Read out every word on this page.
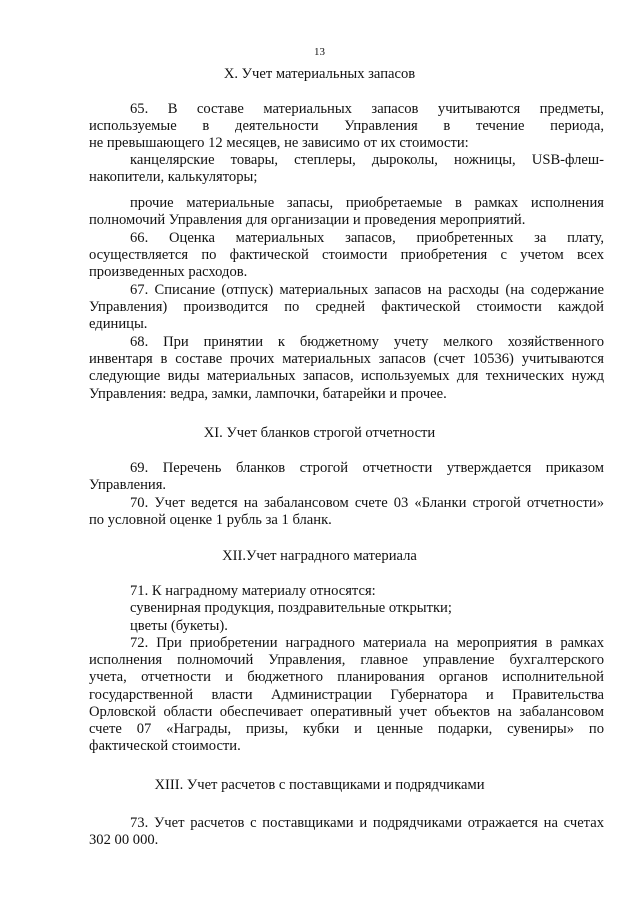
13
X. Учет материальных запасов
65. В составе материальных запасов учитываются предметы,
используемые в деятельности Управления в течение периода,
не превышающего 12 месяцев, не зависимо от их стоимости:
канцелярские товары, степлеры, дыроколы, ножницы, USB-флеш-
накопители, калькуляторы;
прочие материальные запасы, приобретаемые в рамках исполнения
полномочий Управления для организации и проведения мероприятий.
66. Оценка материальных запасов, приобретенных за плату,
осуществляется по фактической стоимости приобретения с учетом всех
произведенных расходов.
67. Списание (отпуск) материальных запасов на расходы (на содержание
Управления) производится по средней фактической стоимости каждой
единицы.
68. При принятии к бюджетному учету мелкого хозяйственного
инвентаря в составе прочих материальных запасов (счет 10536) учитываются
следующие виды материальных запасов, используемых для технических нужд
Управления: ведра, замки, лампочки, батарейки и прочее.
XI. Учет бланков строгой отчетности
69. Перечень бланков строгой отчетности утверждается приказом
Управления.
70. Учет ведется на забалансовом счете 03 «Бланки строгой отчетности»
по условной оценке 1 рубль за 1 бланк.
XII.Учет наградного материала
71. К наградному материалу относятся:
сувенирная продукция, поздравительные открытки;
цветы (букеты).
72. При приобретении наградного материала на мероприятия в рамках
исполнения полномочий Управления, главное управление бухгалтерского
учета, отчетности и бюджетного планирования органов исполнительной
государственной власти Администрации Губернатора и Правительства
Орловской области обеспечивает оперативный учет объектов на забалансовом
счете 07 «Награды, призы, кубки и ценные подарки, сувениры» по
фактической стоимости.
XIII. Учет расчетов с поставщиками и подрядчиками
73. Учет расчетов с поставщиками и подрядчиками отражается на счетах
302 00 000.
